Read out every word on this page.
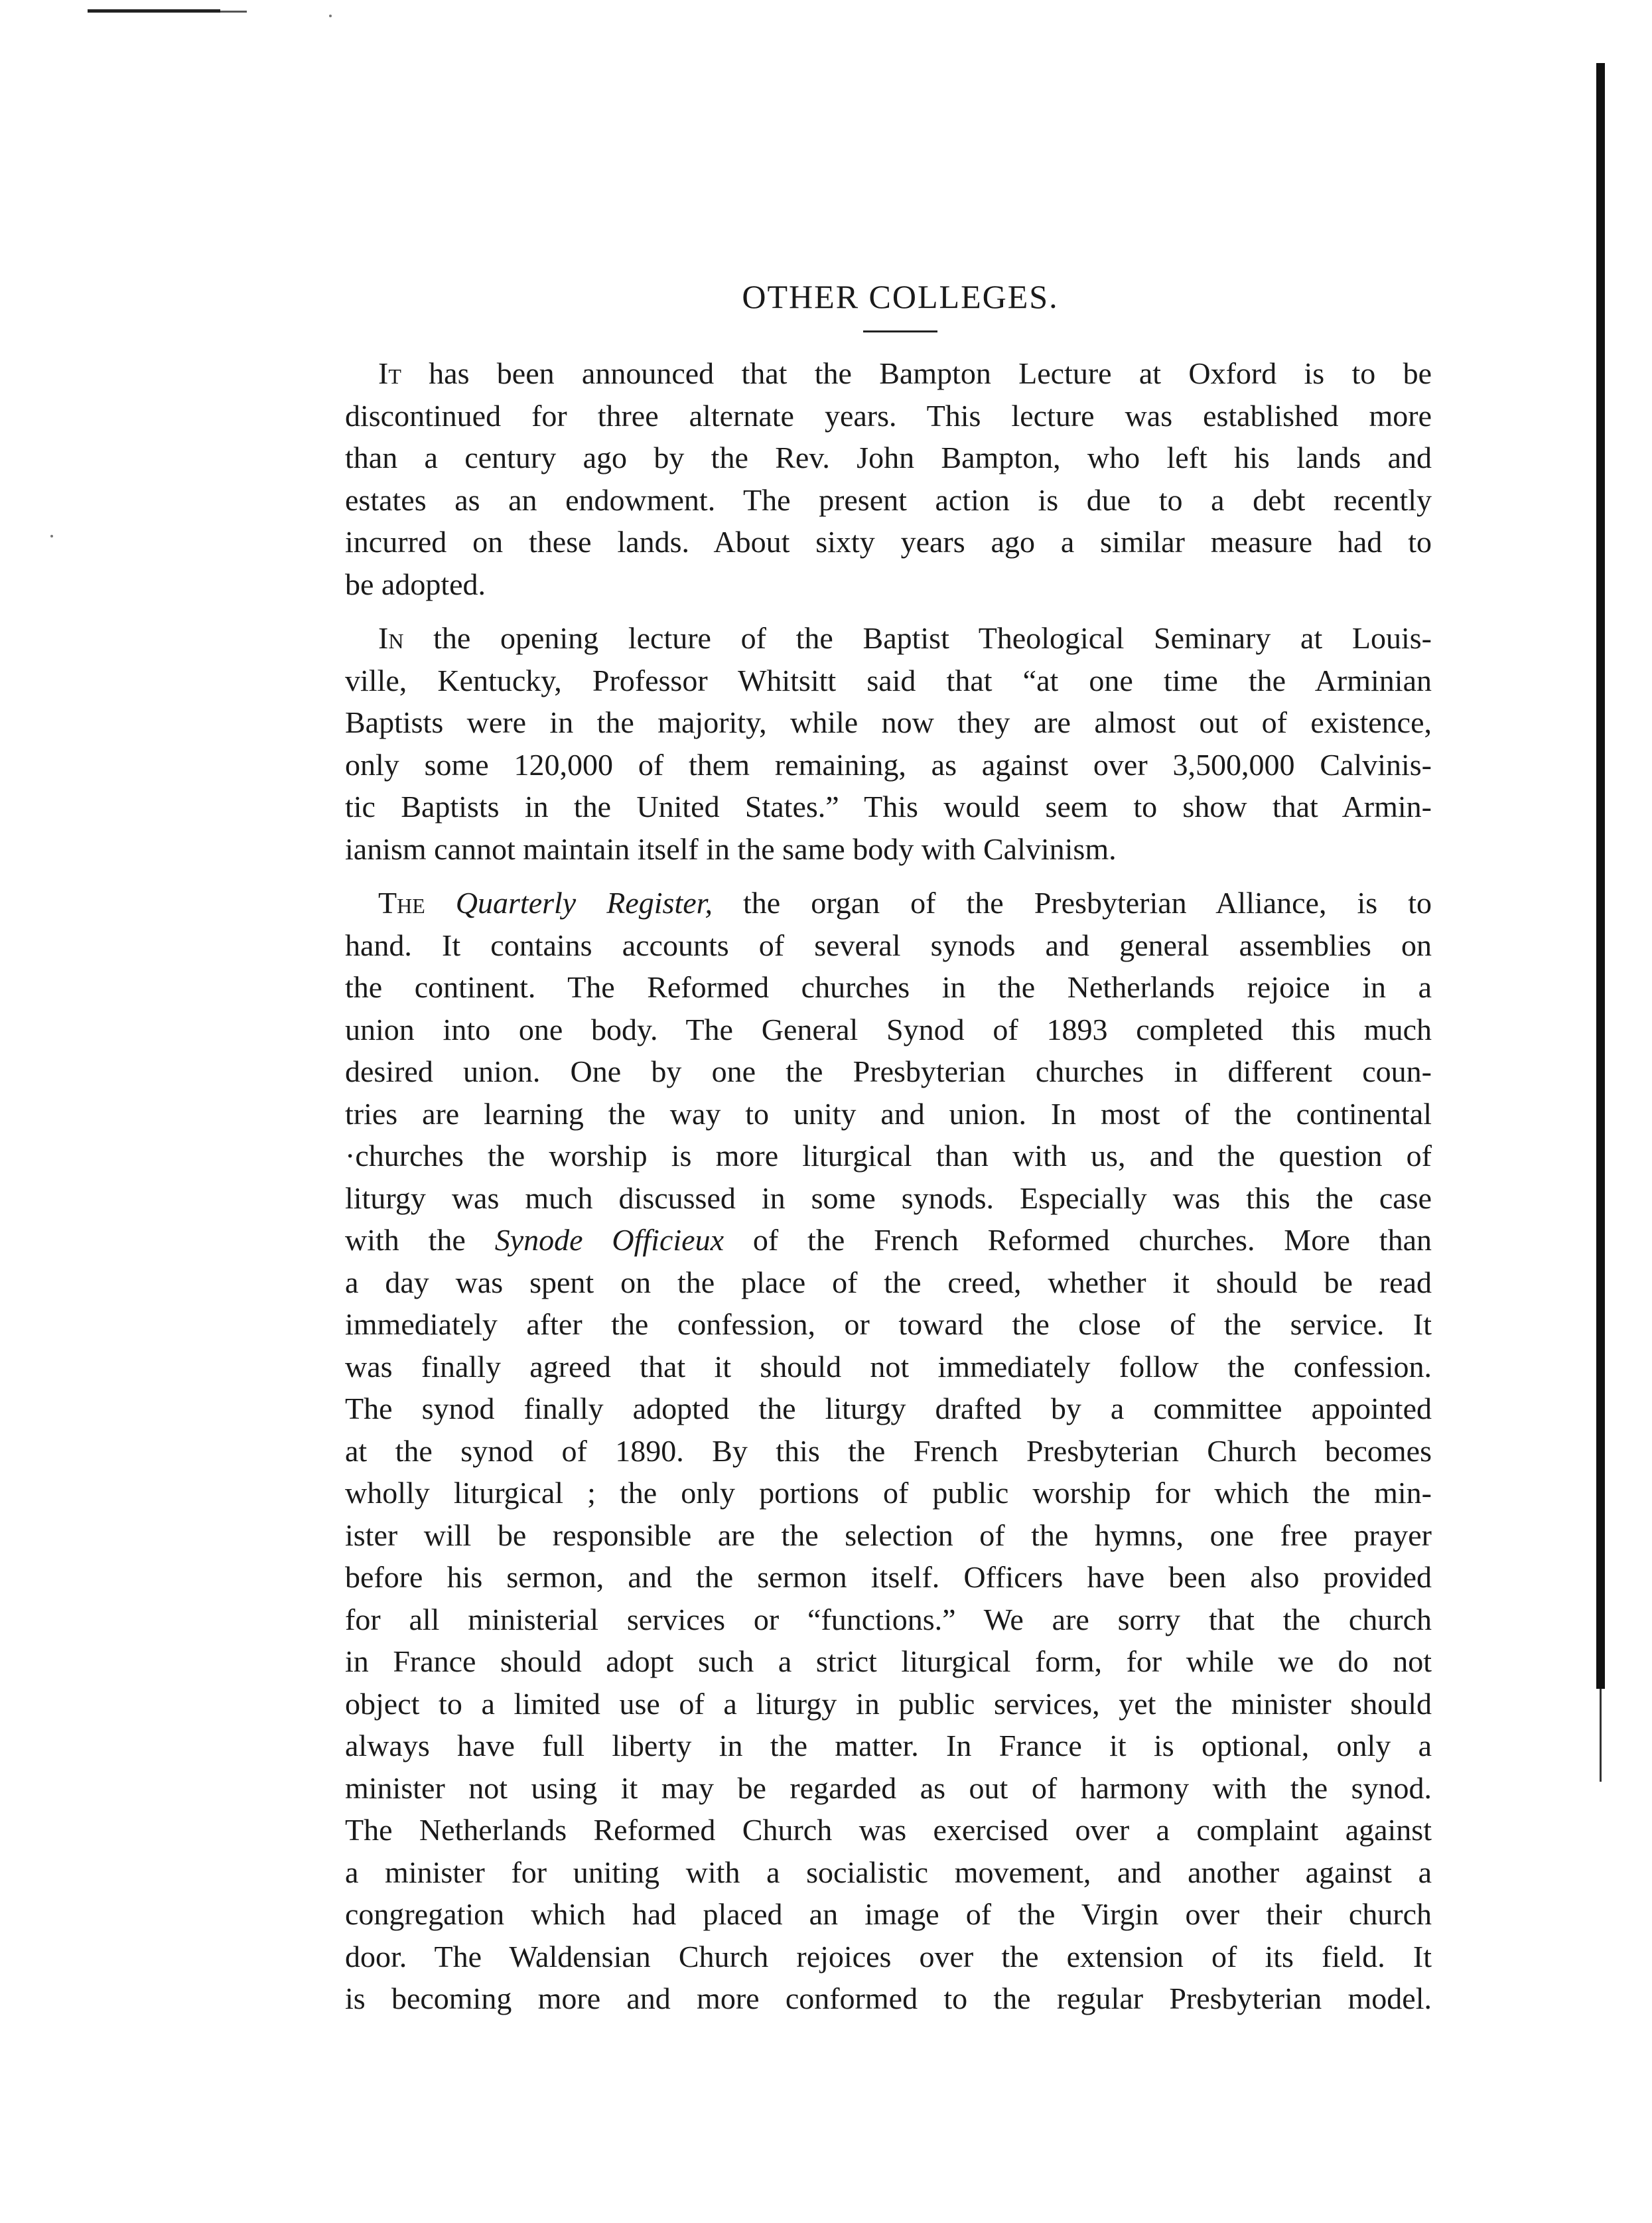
OTHER COLLEGES.

It has been announced that the Bampton Lecture at Oxford is to be

discontinued for three alternate years. This lecture was established more
than a century ago by the Rev. John Bampton, who left his lands and
estates as an endowment. The present action is due to a debt recently
incurred on these lands. About sixty years ago a similar measure had to
be adopted.

In the opening lecture of the Baptist Theological Seminary at Louis-

ville, Kentucky, Professor Whitsitt said that “at one time the Arminian
Baptists were in the majority, while now they are almost out of existence,
only some 120,000 of them remaining, as against over 3,500,000 Calvinis-
tic Baptists in the United States.” This would seem to show that Armin-
ianism cannot maintain itself in the same body with Calvinism.

The Quarterly Register, the organ of the Presbyterian Alliance, is to

hand. It contains accounts of several synods and general assemblies on
the continent. The Reformed churches in the Netherlands rejoice in a
union into one body. The General Synod of 1893 completed this much
desired union. One by one the Presbyterian churches in different coun-
tries are learning the way to unity and union. In most of the continental
·churches the worship is more liturgical than with us, and the question of
liturgy was much discussed in some synods. Especially was this the case
with the Synode Officieux of the French Reformed churches. More than
a day was spent on the place of the creed, whether it should be read
immediately after the confession, or toward the close of the service. It
was finally agreed that it should not immediately follow the confession.
The synod finally adopted the liturgy drafted by a committee appointed
at the synod of 1890. By this the French Presbyterian Church becomes
wholly liturgical ; the only portions of public worship for which the min-
ister will be responsible are the selection of the hymns, one free prayer
before his sermon, and the sermon itself. Officers have been also provided
for all ministerial services or “functions.” We are sorry that the church
in France should adopt such a strict liturgical form, for while we do not
object to a limited use of a liturgy in public services, yet the minister should
always have full liberty in the matter. In France it is optional, only a
minister not using it may be regarded as out of harmony with the synod.
The Netherlands Reformed Church was exercised over a complaint against
a minister for uniting with a socialistic movement, and another against a
congregation which had placed an image of the Virgin over their church
door. The Waldensian Church rejoices over the extension of its field. It
is becoming more and more conformed to the regular Presbyterian model.
